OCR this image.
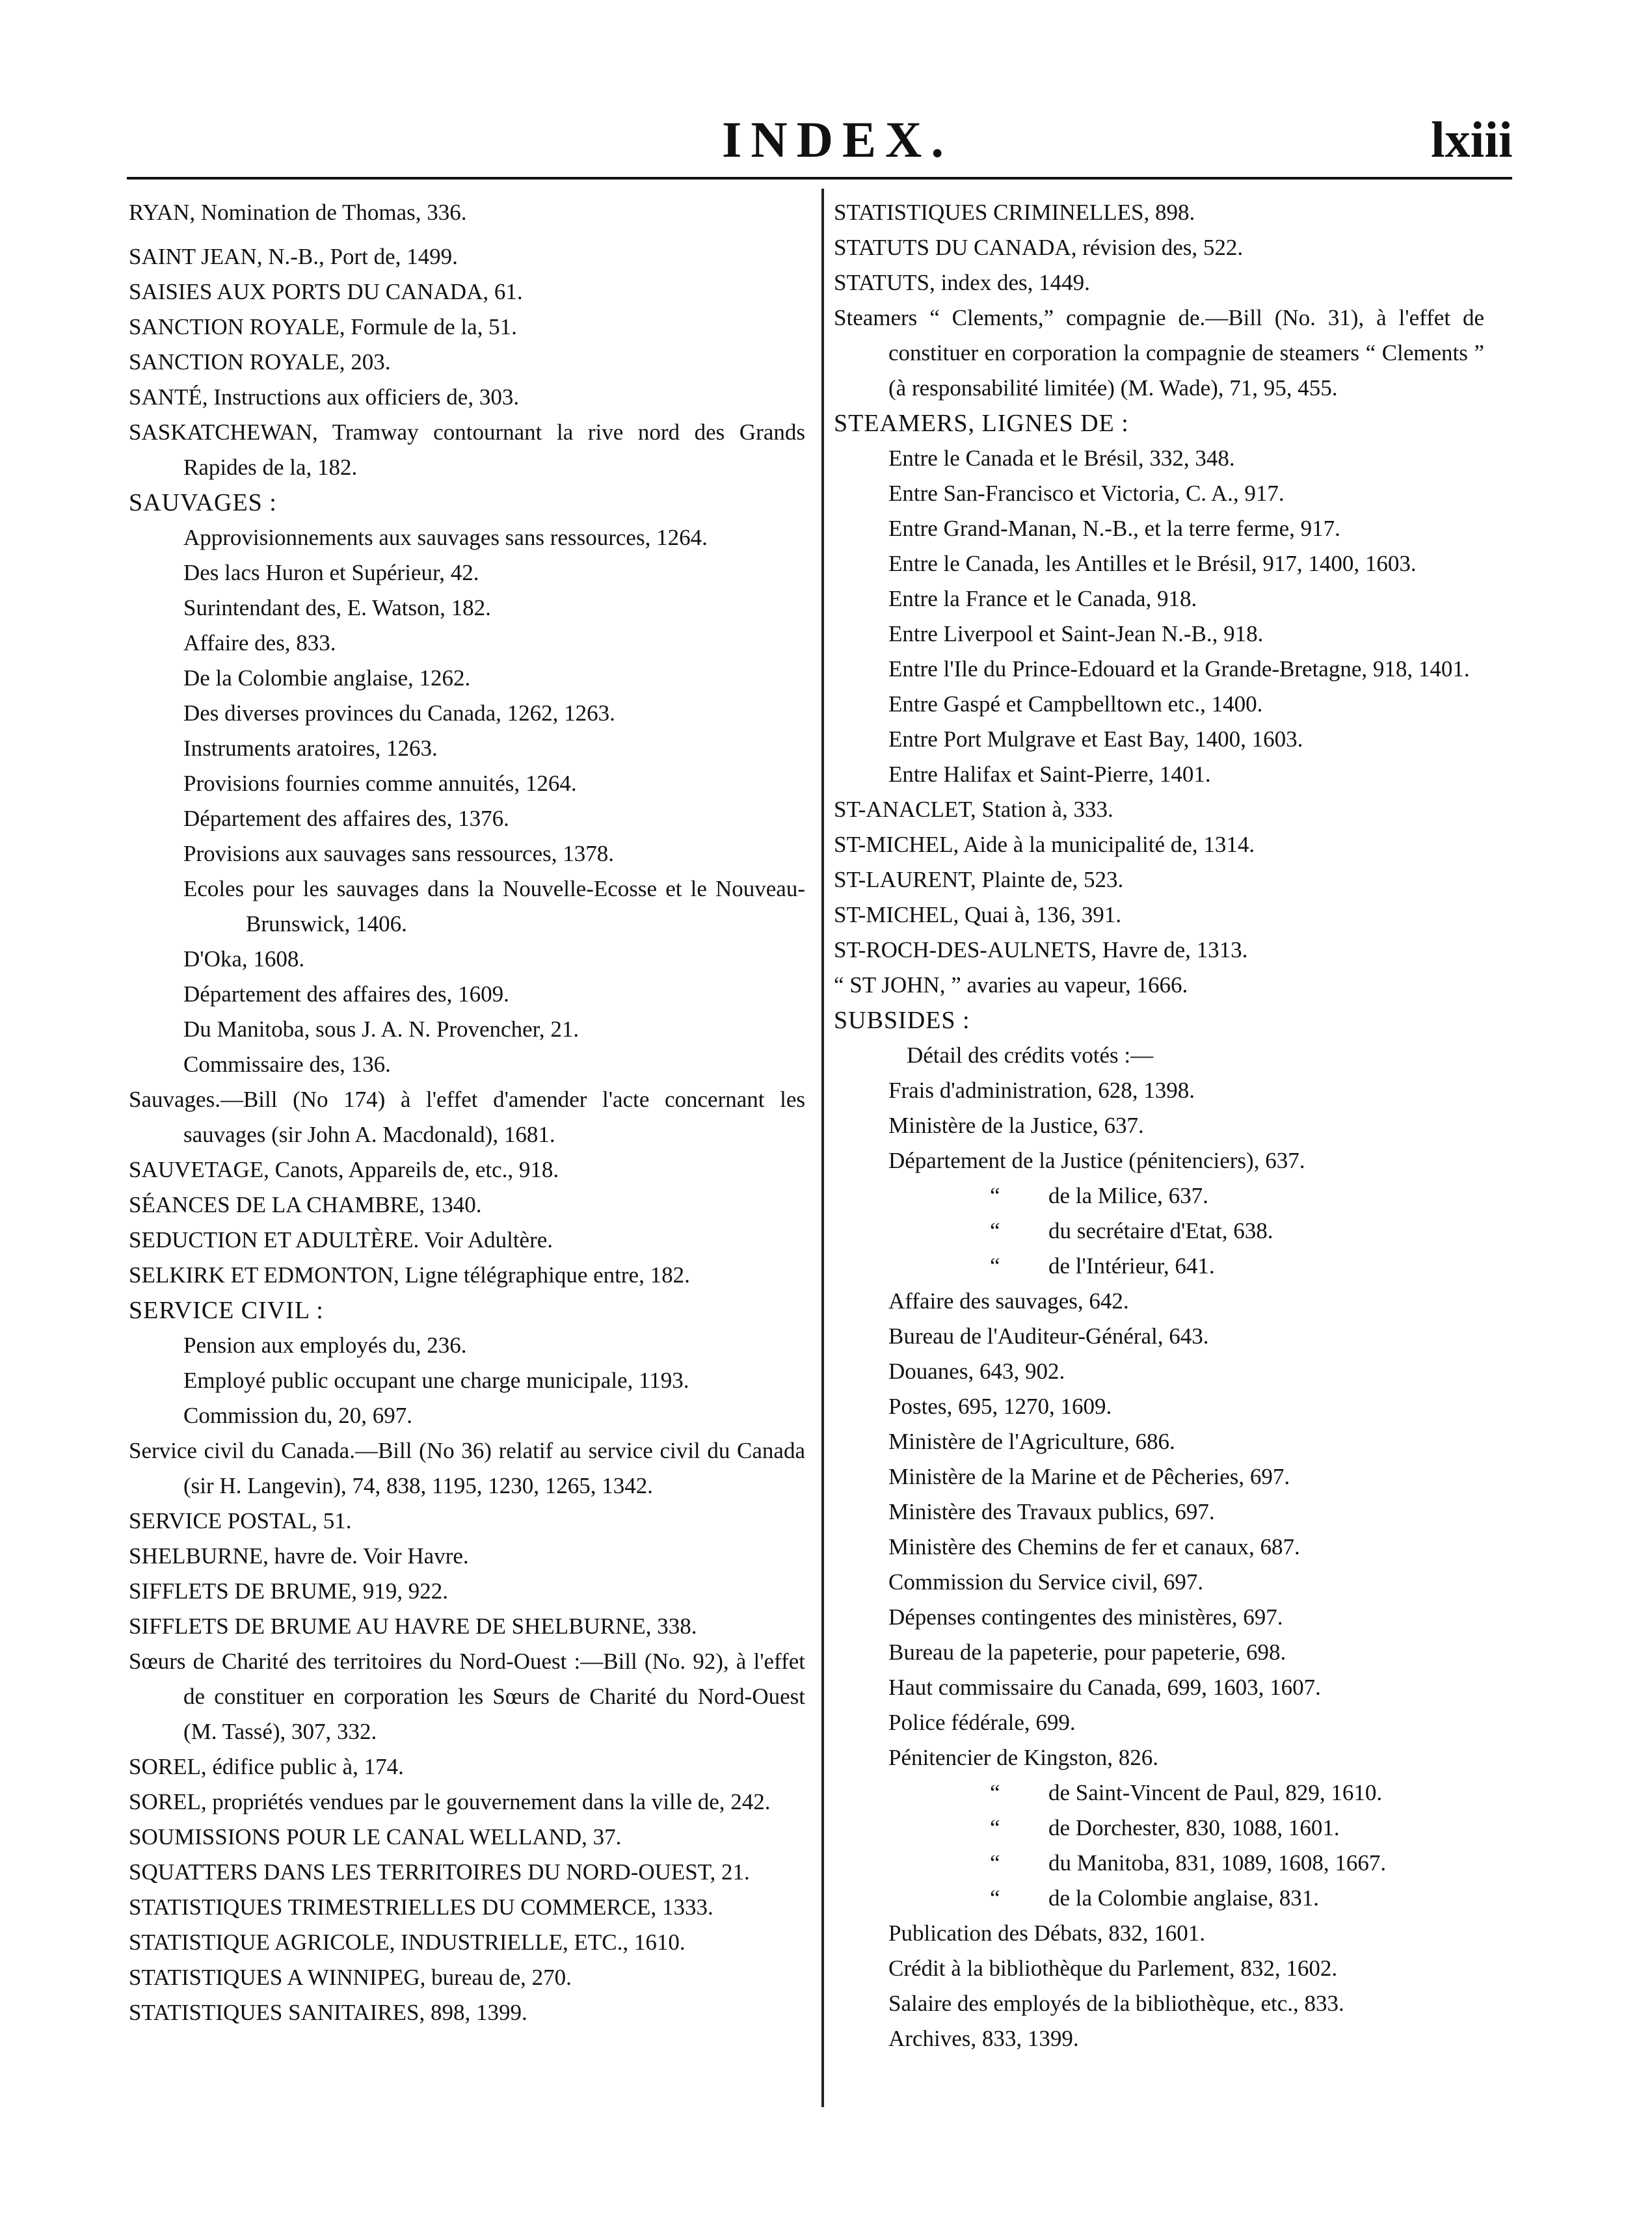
INDEX.	lxiii
RYAN, Nomination de Thomas, 336.
SAINT JEAN, N.-B., Port de, 1499.
SAISIES AUX PORTS DU CANADA, 61.
SANCTION ROYALE, Formule de la, 51.
SANCTION ROYALE, 203.
SANTÉ, Instructions aux officiers de, 303.
SASKATCHEWAN, Tramway contournant la rive nord des Grands Rapides de la, 182.
SAUVAGES :
Approvisionnements aux sauvages sans ressources, 1264.
Des lacs Huron et Supérieur, 42.
Surintendant des, E. Watson, 182.
Affaire des, 833.
De la Colombie anglaise, 1262.
Des diverses provinces du Canada, 1262, 1263.
Instruments aratoires, 1263.
Provisions fournies comme annuités, 1264.
Département des affaires des, 1376.
Provisions aux sauvages sans ressources, 1378.
Ecoles pour les sauvages dans la Nouvelle-Ecosse et le Nouveau-Brunswick, 1406.
D'Oka, 1608.
Département des affaires des, 1609.
Du Manitoba, sous J. A. N. Provencher, 21.
Commissaire des, 136.
Sauvages.—Bill (No 174) à l'effet d'amender l'acte concernant les sauvages (sir John A. Macdonald), 1681.
SAUVETAGE, Canots, Appareils de, etc., 918.
SÉANCES DE LA CHAMBRE, 1340.
SEDUCTION ET ADULTÈRE. Voir Adultère.
SELKIRK ET EDMONTON, Ligne télégraphique entre, 182.
SERVICE CIVIL :
Pension aux employés du, 236.
Employé public occupant une charge municipale, 1193.
Commission du, 20, 697.
Service civil du Canada.—Bill (No 36) relatif au service civil du Canada (sir H. Langevin), 74, 838, 1195, 1230, 1265, 1342.
SERVICE POSTAL, 51.
SHELBURNE, havre de. Voir Havre.
SIFFLETS DE BRUME, 919, 922.
SIFFLETS DE BRUME AU HAVRE DE SHELBURNE, 338.
Sœurs de Charité des territoires du Nord-Ouest :—Bill (No. 92), à l'effet de constituer en corporation les Sœurs de Charité du Nord-Ouest (M. Tassé), 307, 332.
SOREL, édifice public à, 174.
SOREL, propriétés vendues par le gouvernement dans la ville de, 242.
SOUMISSIONS POUR LE CANAL WELLAND, 37.
SQUATTERS DANS LES TERRITOIRES DU NORD-OUEST, 21.
STATISTIQUES TRIMESTRIELLES DU COMMERCE, 1333.
STATISTIQUE AGRICOLE, INDUSTRIELLE, ETC., 1610.
STATISTIQUES A WINNIPEG, bureau de, 270.
STATISTIQUES SANITAIRES, 898, 1399.
STATISTIQUES CRIMINELLES, 898.
STATUTS DU CANADA, révision des, 522.
STATUTS, index des, 1449.
Steamers “ Clements,” compagnie de.—Bill (No. 31), à l'effet de constituer en corporation la compagnie de steamers “ Clements ” (à responsabilité limitée) (M. Wade), 71, 95, 455.
STEAMERS, LIGNES DE :
Entre le Canada et le Brésil, 332, 348.
Entre San-Francisco et Victoria, C. A., 917.
Entre Grand-Manan, N.-B., et la terre ferme, 917.
Entre le Canada, les Antilles et le Brésil, 917, 1400, 1603.
Entre la France et le Canada, 918.
Entre Liverpool et Saint-Jean N.-B., 918.
Entre l'Ile du Prince-Edouard et la Grande-Bretagne, 918, 1401.
Entre Gaspé et Campbelltown etc., 1400.
Entre Port Mulgrave et East Bay, 1400, 1603.
Entre Halifax et Saint-Pierre, 1401.
ST-ANACLET, Station à, 333.
ST-MICHEL, Aide à la municipalité de, 1314.
ST-LAURENT, Plainte de, 523.
ST-MICHEL, Quai à, 136, 391.
ST-ROCH-DES-AULNETS, Havre de, 1313.
“ ST JOHN, ” avaries au vapeur, 1666.
SUBSIDES :
Détail des crédits votés :—
Frais d'administration, 628, 1398.
Ministère de la Justice, 637.
Département de la Justice (pénitenciers), 637.
“ de la Milice, 637.
“ du secrétaire d'Etat, 638.
“ de l'Intérieur, 641.
Affaire des sauvages, 642.
Bureau de l'Auditeur-Général, 643.
Douanes, 643, 902.
Postes, 695, 1270, 1609.
Ministère de l'Agriculture, 686.
Ministère de la Marine et de Pêcheries, 697.
Ministère des Travaux publics, 697.
Ministère des Chemins de fer et canaux, 687.
Commission du Service civil, 697.
Dépenses contingentes des ministères, 697.
Bureau de la papeterie, pour papeterie, 698.
Haut commissaire du Canada, 699, 1603, 1607.
Police fédérale, 699.
Pénitencier de Kingston, 826.
“ de Saint-Vincent de Paul, 829, 1610.
“ de Dorchester, 830, 1088, 1601.
“ du Manitoba, 831, 1089, 1608, 1667.
“ de la Colombie anglaise, 831.
Publication des Débats, 832, 1601.
Crédit à la bibliothèque du Parlement, 832, 1602.
Salaire des employés de la bibliothèque, etc., 833.
Archives, 833, 1399.
